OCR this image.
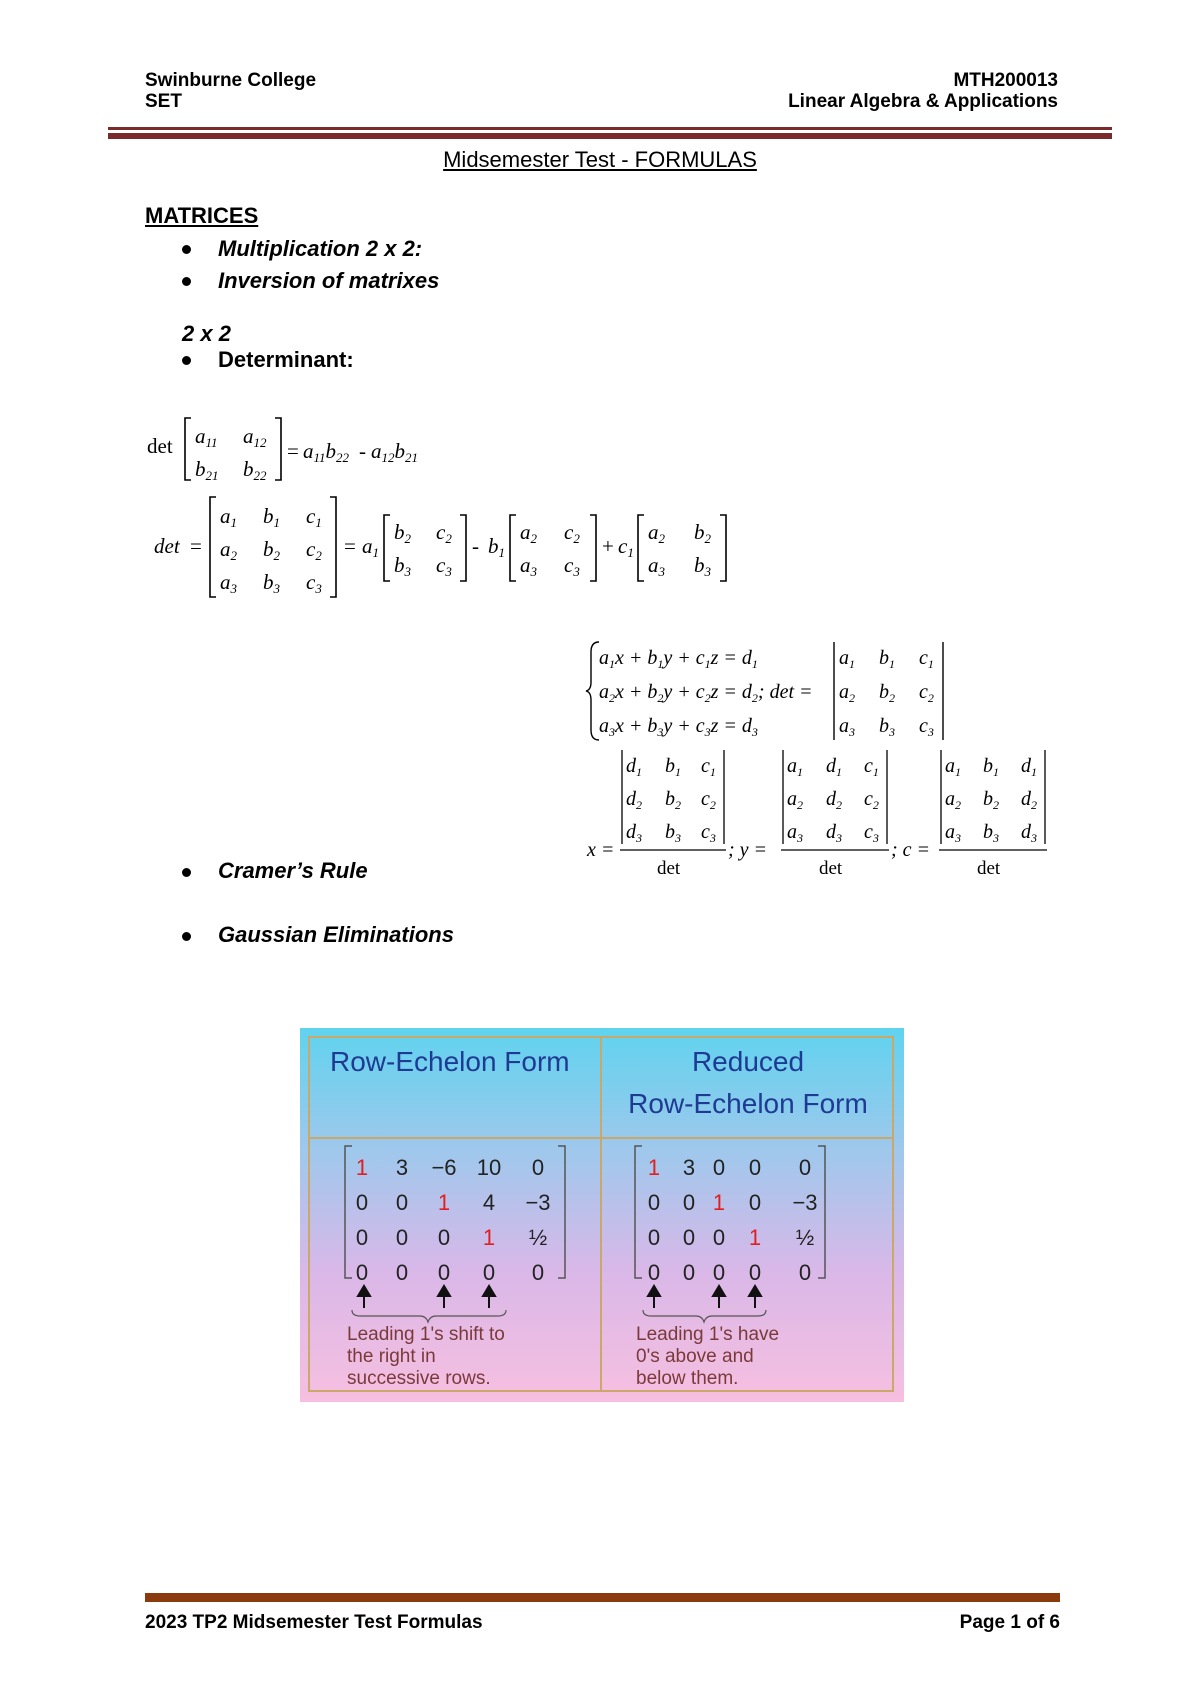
Swinburne College
SET
MTH200013
Linear Algebra & Applications
Midsemester Test - FORMULAS
MATRICES
Multiplication 2 x 2:
Inversion of matrixes
2 x 2
Determinant:
det a11 a12
b21 b22
= a11b22 - a12b21
det =
a1 b1 c1
a2 b2 c2
a3 b3 c3
= a1
b2 c2
b3 c3
- b1
a2 c2
a3 c3
+ c1
a2 b2
a3 b3
$a_1x + b_1y + c_1z = d_1$
$a_2x + b_2y + c_2z = d_2$; det =
$a_3x + b_3y + c_3z = d_3$
$a_1$ $b_1$ $c_1$
$a_2$ $b_2$ $c_2$
$a_3$ $b_3$ $c_3$
x =
$d_1$ $b_1$ $c_1$
$d_2$ $b_2$ $c_2$
$d_3$ $b_3$ $c_3$
det
; y =
$a_1$ $d_1$ $c_1$
$a_2$ $d_2$ $c_2$
$a_3$ $d_3$ $c_3$
det
; c =
$a_1$ $b_1$ $d_1$
$a_2$ $b_2$ $d_2$
$a_3$ $b_3$ $d_3$
det
Cramer’s Rule
Gaussian Eliminations
Row-Echelon Form	Reduced
Row-Echelon Form
1 3 −6 10 0
0 0 1 4 −3
0 0 0 1 ½
0 0 0 0 0
1 3 0 0 0
0 0 1 0 −3
0 0 0 1 ½
0 0 0 0 0
Leading 1's shift to
the right in
successive rows.
Leading 1's have
0's above and
below them.
2023 TP2 Midsemester Test Formulas	Page 1 of 6
